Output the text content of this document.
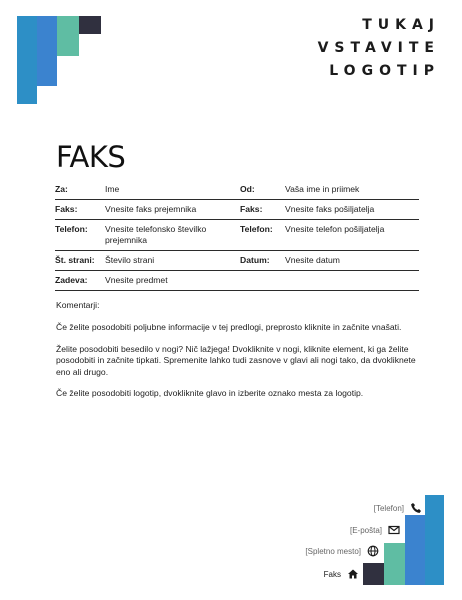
TUKAJ
VSTAVITE
LOGOTIP
FAKS
Za:	Ime	Od:	Vaša ime in priimek
Faks:	Vnesite faks prejemnika	Faks:	Vnesite faks pošiljatelja
Telefon:	Vnesite telefonsko številko prejemnika	Telefon:	Vnesite telefon pošiljatelja
Št. strani:	Število strani	Datum:	Vnesite datum
Zadeva:	Vnesite predmet		
Komentarji:

Če želite posodobiti poljubne informacije v tej predlogi, preprosto kliknite in začnite vnašati.

Želite posodobiti besedilo v nogi? Nič lažjega! Dvokliknite v nogi, kliknite element, ki ga želite posodobiti in začnite tipkati. Spremenite lahko tudi zasnove v glavi ali nogi tako, da dvokliknete eno ali drugo.

Če želite posodobiti logotip, dvokliknite glavo in izberite oznako mesta za logotip.

[Telefon]
[E-pošta]
[Spletno mesto]
Faks
